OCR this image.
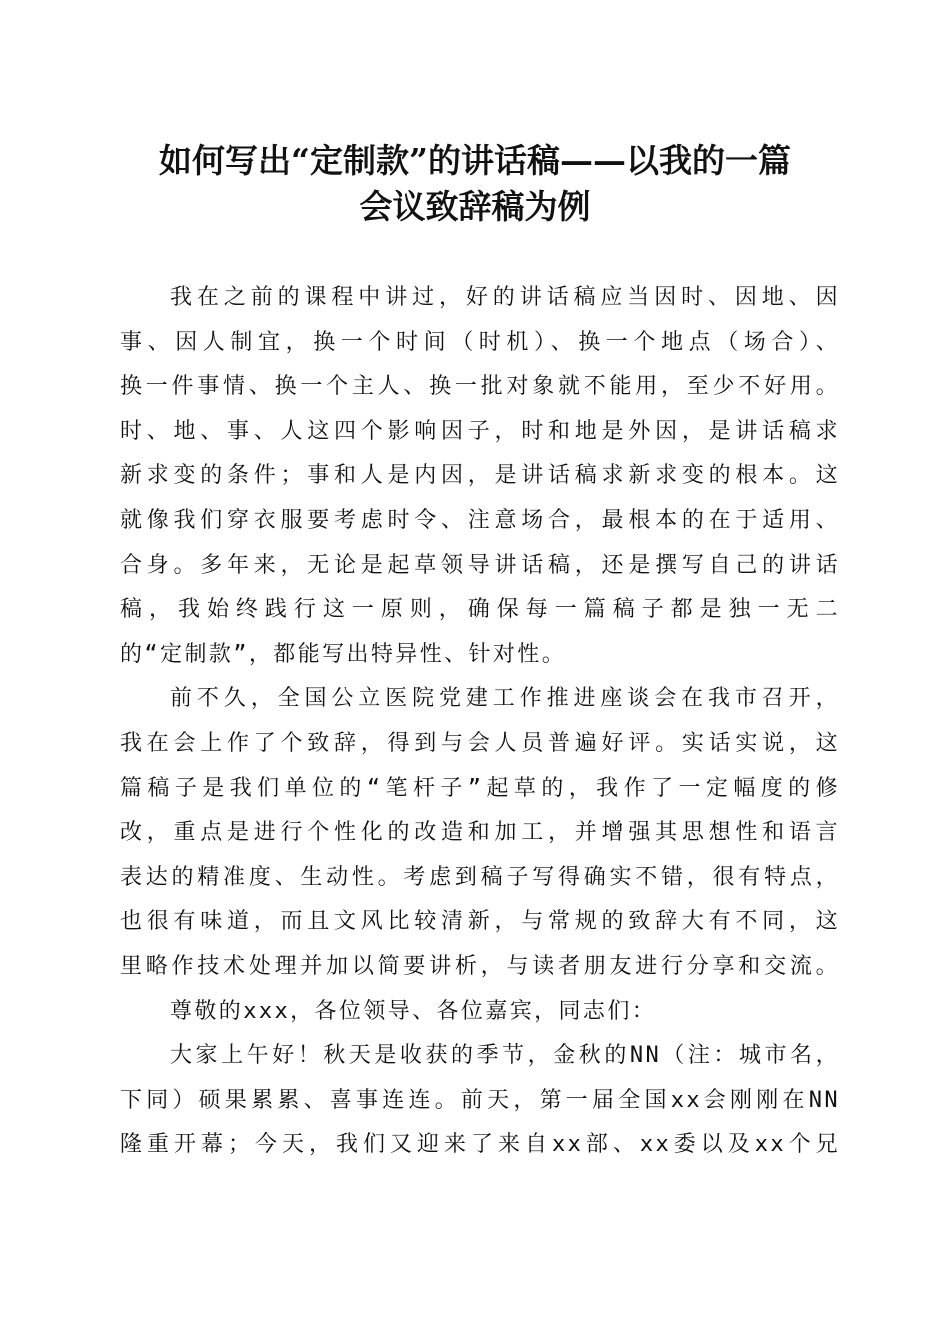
如何写出“定制款”的讲话稿——以我的一篇
会议致辞稿为例
我在之前的课程中讲过，好的讲话稿应当因时、因地、因
事、因人制宜，换一个时间（时机）、换一个地点（场合）、
换一件事情、换一个主人、换一批对象就不能用，至少不好用。
时、地、事、人这四个影响因子，时和地是外因，是讲话稿求
新求变的条件；事和人是内因，是讲话稿求新求变的根本。这
就像我们穿衣服要考虑时令、注意场合，最根本的在于适用、
合身。多年来，无论是起草领导讲话稿，还是撰写自己的讲话
稿，我始终践行这一原则，确保每一篇稿子都是独一无二
的“定制款”，都能写出特异性、针对性。
前不久，全国公立医院党建工作推进座谈会在我市召开，
我在会上作了个致辞，得到与会人员普遍好评。实话实说，这
篇稿子是我们单位的“笔杆子”起草的，我作了一定幅度的修
改，重点是进行个性化的改造和加工，并增强其思想性和语言
表达的精准度、生动性。考虑到稿子写得确实不错，很有特点，
也很有味道，而且文风比较清新，与常规的致辞大有不同，这
里略作技术处理并加以简要讲析，与读者朋友进行分享和交流。
尊敬的xxx，各位领导、各位嘉宾，同志们：
大家上午好！秋天是收获的季节，金秋的NN（注：城市名，
下同）硕果累累、喜事连连。前天，第一届全国xx会刚刚在NN
隆重开幕；今天，我们又迎来了来自xx部、xx委以及xx个兄
